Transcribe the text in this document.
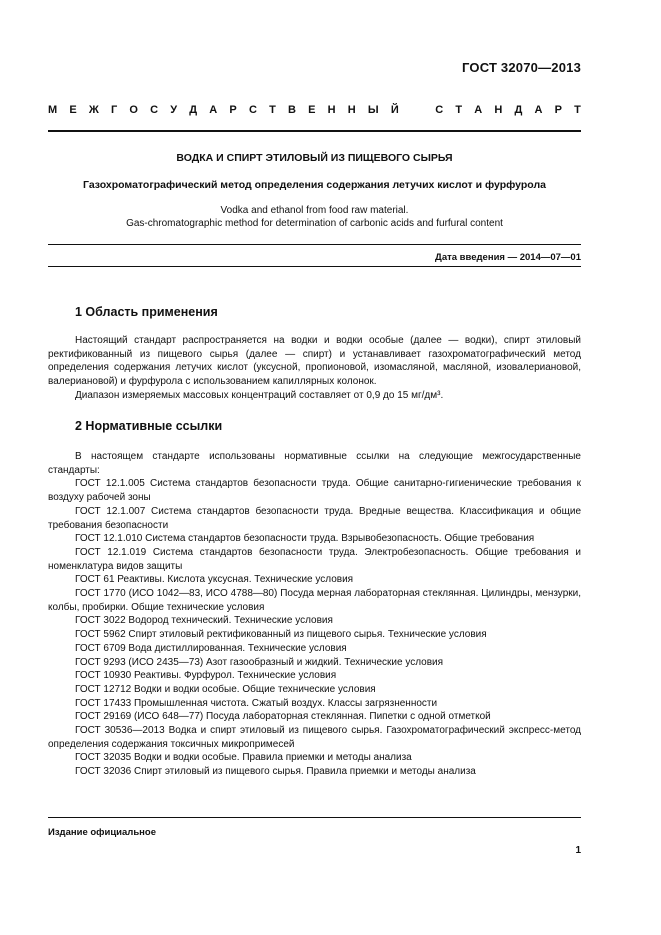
ГОСТ 32070—2013
М Е Ж Г О С У Д А Р С Т В Е Н Н Ы Й	С Т А Н Д А Р Т
ВОДКА И СПИРТ ЭТИЛОВЫЙ ИЗ ПИЩЕВОГО СЫРЬЯ
Газохроматографический метод определения содержания летучих кислот и фурфурола
Vodka and ethanol from food raw material.
Gas-chromatographic method for determination of carbonic acids and furfural content
Дата введения — 2014—07—01
1 Область применения

Настоящий стандарт распространяется на водки и водки особые (далее — водки), спирт этиловый ректификованный из пищевого сырья (далее — спирт) и устанавливает газохроматографический метод определения содержания летучих кислот (уксусной, пропионовой, изомасляной, масляной, изовалериановой, валериановой) и фурфурола с использованием капиллярных колонок.

Диапазон измеряемых массовых концентраций составляет от 0,9 до 15 мг/дм³.

2 Нормативные ссылки

В настоящем стандарте использованы нормативные ссылки на следующие межгосударственные стандарты:

ГОСТ 12.1.005 Система стандартов безопасности труда. Общие санитарно-гигиенические требования к воздуху рабочей зоны

ГОСТ 12.1.007 Система стандартов безопасности труда. Вредные вещества. Классификация и общие требования безопасности

ГОСТ 12.1.010 Система стандартов безопасности труда. Взрывобезопасность. Общие требования

ГОСТ 12.1.019 Система стандартов безопасности труда. Электробезопасность. Общие требования и номенклатура видов защиты

ГОСТ 61 Реактивы. Кислота уксусная. Технические условия

ГОСТ 1770 (ИСО 1042—83, ИСО 4788—80) Посуда мерная лабораторная стеклянная. Цилиндры, мензурки, колбы, пробирки. Общие технические условия

ГОСТ 3022 Водород технический. Технические условия

ГОСТ 5962 Спирт этиловый ректификованный из пищевого сырья. Технические условия

ГОСТ 6709 Вода дистиллированная. Технические условия

ГОСТ 9293 (ИСО 2435—73) Азот газообразный и жидкий. Технические условия

ГОСТ 10930 Реактивы. Фурфурол. Технические условия

ГОСТ 12712 Водки и водки особые. Общие технические условия

ГОСТ 17433 Промышленная чистота. Сжатый воздух. Классы загрязненности

ГОСТ 29169 (ИСО 648—77) Посуда лабораторная стеклянная. Пипетки с одной отметкой

ГОСТ 30536—2013 Водка и спирт этиловый из пищевого сырья. Газохроматографический экспресс-метод определения содержания токсичных микропримесей

ГОСТ 32035 Водки и водки особые. Правила приемки и методы анализа

ГОСТ 32036 Спирт этиловый из пищевого сырья. Правила приемки и методы анализа

Издание официальное
1
